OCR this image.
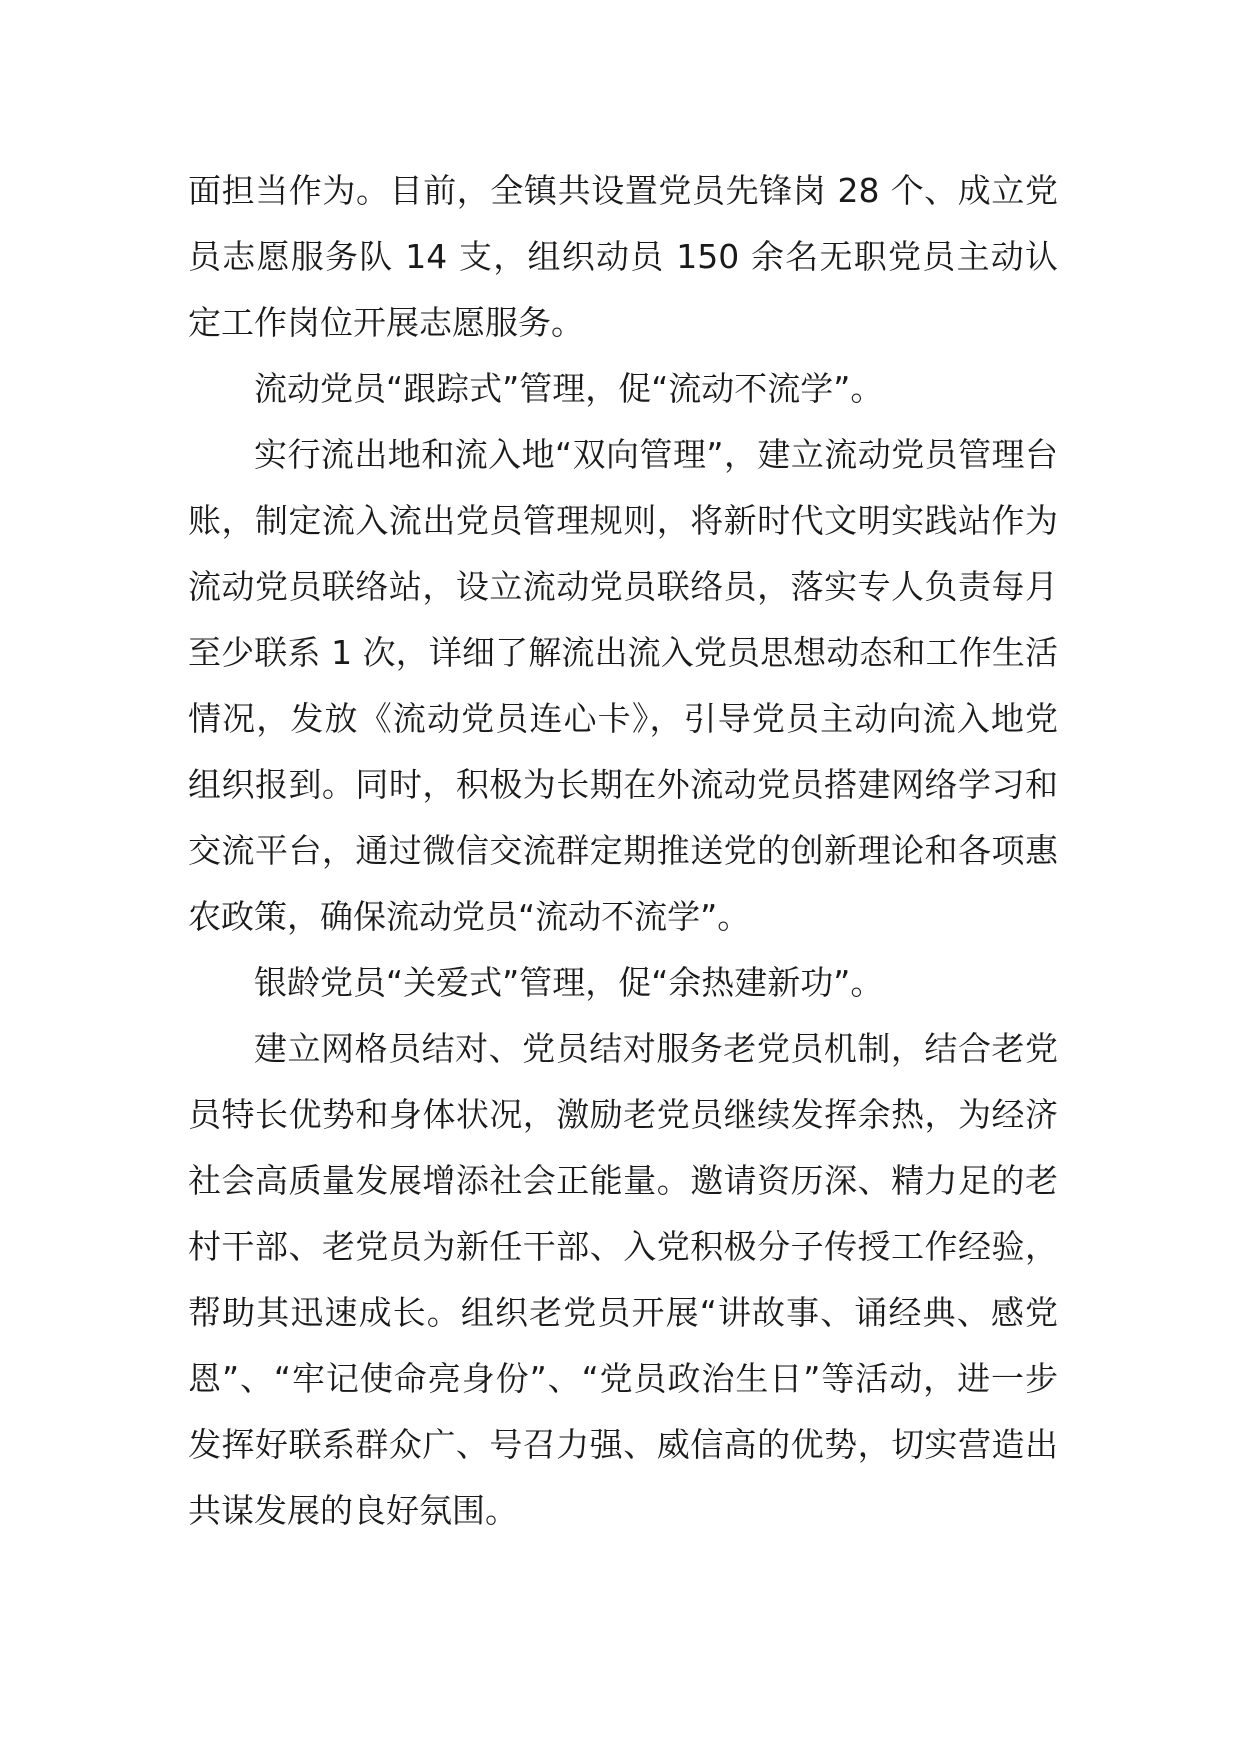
面担当作为。目前，全镇共设置党员先锋岗 28 个、成立党员志愿服务队 14 支，组织动员 150 余名无职党员主动认定工作岗位开展志愿服务。

流动党员“跟踪式”管理，促“流动不流学”。

实行流出地和流入地“双向管理”，建立流动党员管理台账，制定流入流出党员管理规则，将新时代文明实践站作为流动党员联络站，设立流动党员联络员，落实专人负责每月至少联系 1 次，详细了解流出流入党员思想动态和工作生活情况，发放《流动党员连心卡》，引导党员主动向流入地党组织报到。同时，积极为长期在外流动党员搭建网络学习和交流平台，通过微信交流群定期推送党的创新理论和各项惠农政策，确保流动党员“流动不流学”。

银龄党员“关爱式”管理，促“余热建新功”。

建立网格员结对、党员结对服务老党员机制，结合老党员特长优势和身体状况，激励老党员继续发挥余热，为经济社会高质量发展增添社会正能量。邀请资历深、精力足的老村干部、老党员为新任干部、入党积极分子传授工作经验，帮助其迅速成长。组织老党员开展“讲故事、诵经典、感党恩”、“牢记使命亮身份”、“党员政治生日”等活动，进一步发挥好联系群众广、号召力强、威信高的优势，切实营造出共谋发展的良好氛围。
